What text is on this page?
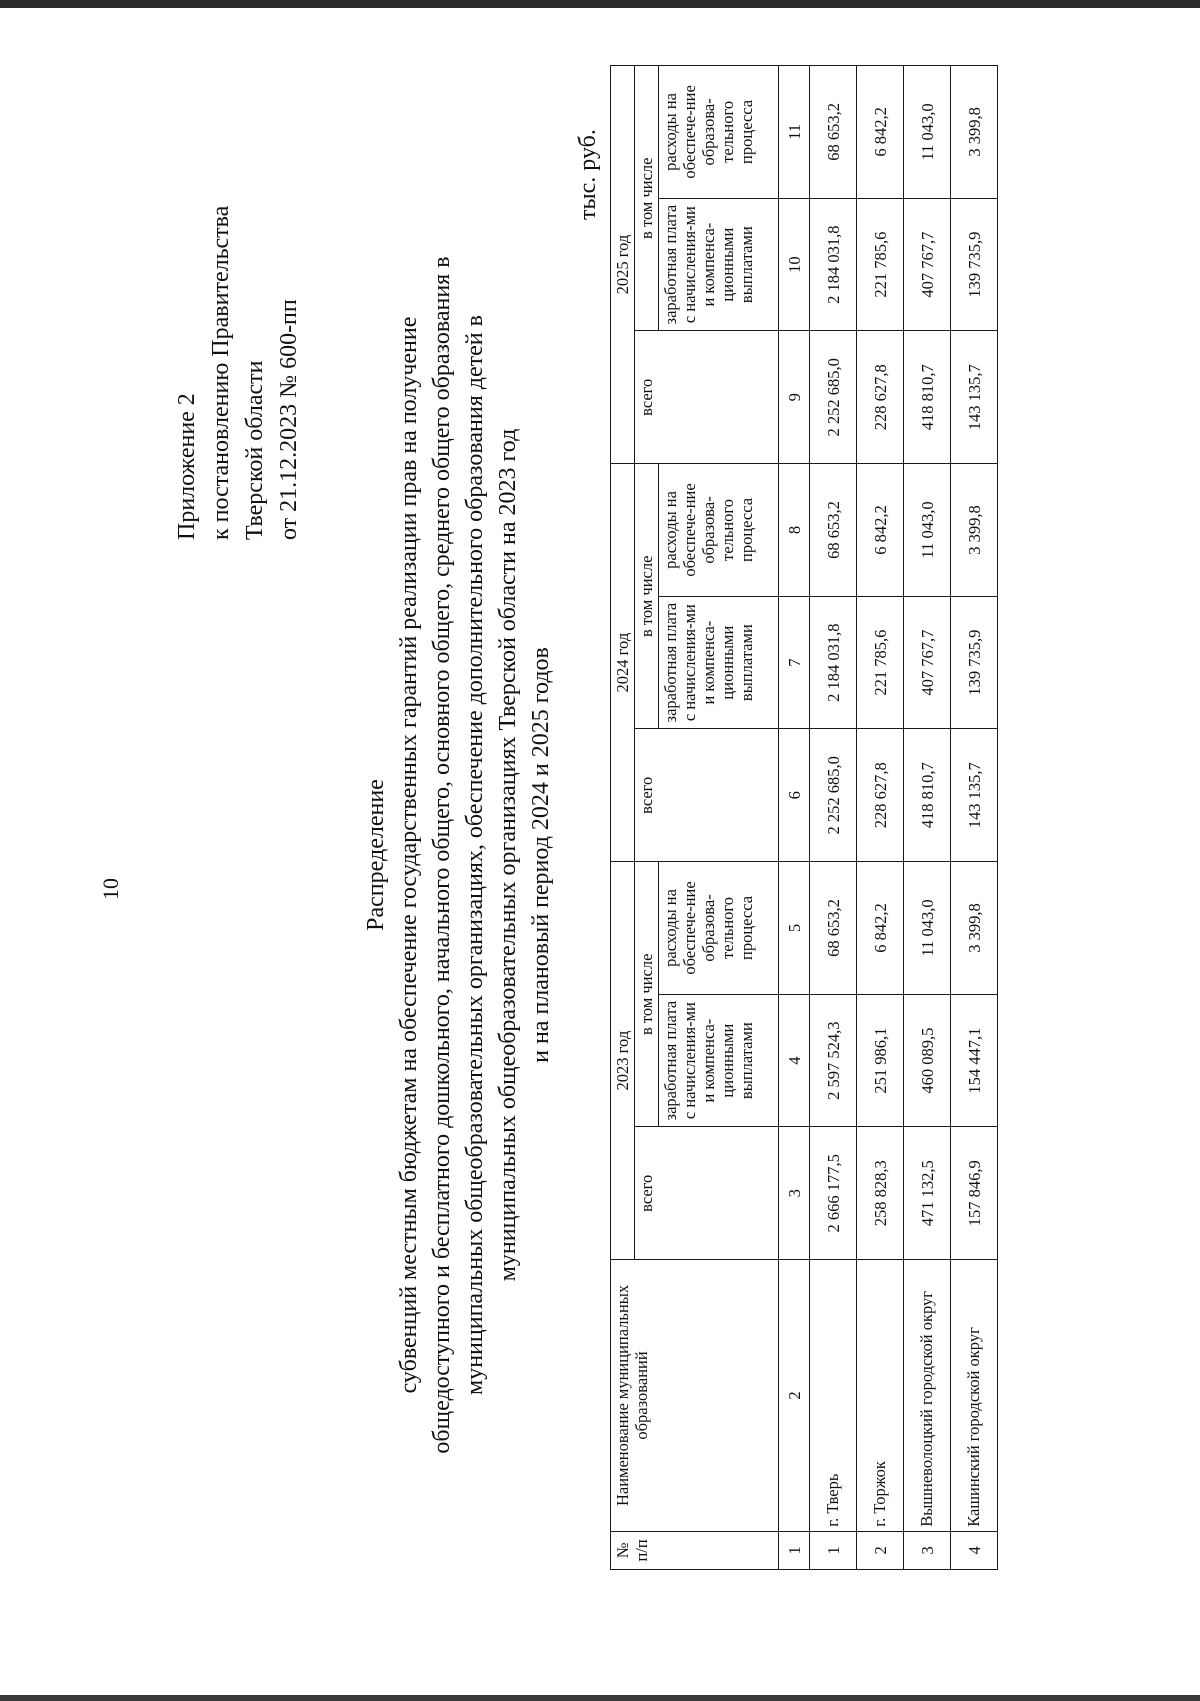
10
Приложение 2 к постановлению Правительства Тверской области от 21.12.2023 № 600-пп
Распределение субвенций местным бюджетам на обеспечение государственных гарантий реализации прав на получение общедоступного и бесплатного дошкольного, начального общего, основного общего, среднего общего образования в муниципальных общеобразовательных организациях, обеспечение дополнительного образования детей в муниципальных общеобразовательных организациях Тверской области на 2023 год и на плановый период 2024 и 2025 годов
тыс. руб.
№ п/п	Наименование муниципальных образований	2023 год			2024 год			2025 год		
		всего	в том числе		всего	в том числе		всего	в том числе	
			заработная плата с начисления-ми и компенса-ционными выплатами	расходы на обеспече-ние образова-тельного процесса		заработная плата с начисления-ми и компенса-ционными выплатами	расходы на обеспече-ние образова-тельного процесса		заработная плата с начисления-ми и компенса-ционными выплатами	расходы на обеспече-ние образова-тельного процесса
1	2	3	4	5	6	7	8	9	10	11
1	г. Тверь	2 666 177,5	2 597 524,3	68 653,2	2 252 685,0	2 184 031,8	68 653,2	2 252 685,0	2 184 031,8	68 653,2
2	г. Торжок	258 828,3	251 986,1	6 842,2	228 627,8	221 785,6	6 842,2	228 627,8	221 785,6	6 842,2
3	Вышневолоцкий городской округ	471 132,5	460 089,5	11 043,0	418 810,7	407 767,7	11 043,0	418 810,7	407 767,7	11 043,0
4	Кашинский городской округ	157 846,9	154 447,1	3 399,8	143 135,7	139 735,9	3 399,8	143 135,7	139 735,9	3 399,8
